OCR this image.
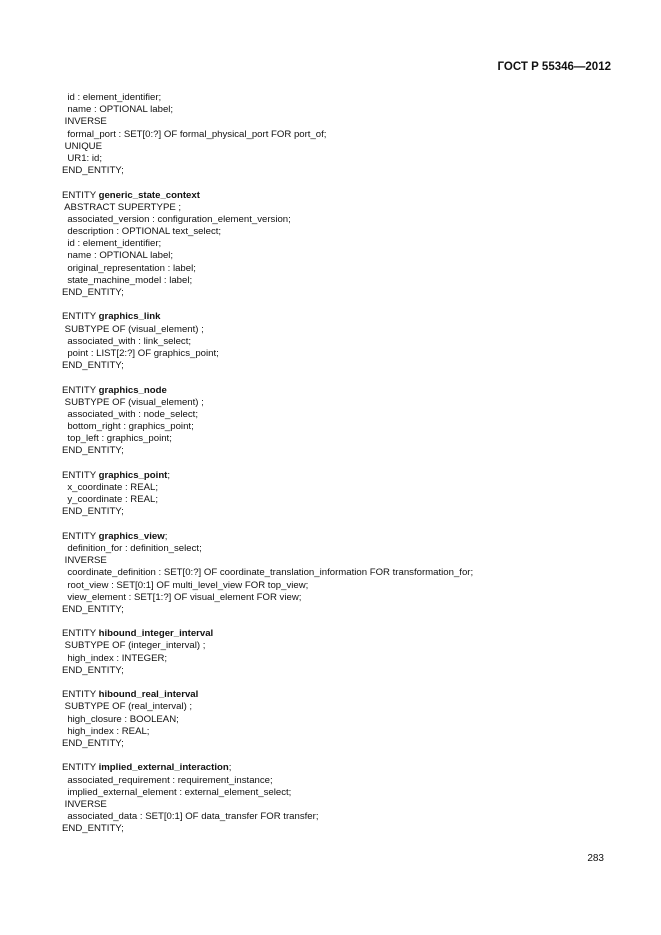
ГОСТ Р 55346—2012
id : element_identifier;
name : OPTIONAL label;
INVERSE
formal_port : SET[0:?] OF formal_physical_port FOR port_of;
UNIQUE
UR1: id;
END_ENTITY;
ENTITY generic_state_context
ABSTRACT SUPERTYPE ;
associated_version : configuration_element_version;
description : OPTIONAL text_select;
id : element_identifier;
name : OPTIONAL label;
original_representation : label;
state_machine_model : label;
END_ENTITY;
ENTITY graphics_link
SUBTYPE OF (visual_element) ;
associated_with : link_select;
point : LIST[2:?] OF graphics_point;
END_ENTITY;
ENTITY graphics_node
SUBTYPE OF (visual_element) ;
associated_with : node_select;
bottom_right : graphics_point;
top_left : graphics_point;
END_ENTITY;
ENTITY graphics_point;
x_coordinate : REAL;
y_coordinate : REAL;
END_ENTITY;
ENTITY graphics_view;
definition_for : definition_select;
INVERSE
coordinate_definition : SET[0:?] OF coordinate_translation_information FOR transformation_for;
root_view : SET[0:1] OF multi_level_view FOR top_view;
view_element : SET[1:?] OF visual_element FOR view;
END_ENTITY;
ENTITY hibound_integer_interval
SUBTYPE OF (integer_interval) ;
high_index : INTEGER;
END_ENTITY;
ENTITY hibound_real_interval
SUBTYPE OF (real_interval) ;
high_closure : BOOLEAN;
high_index : REAL;
END_ENTITY;
ENTITY implied_external_interaction;
associated_requirement : requirement_instance;
implied_external_element : external_element_select;
INVERSE
associated_data : SET[0:1] OF data_transfer FOR transfer;
END_ENTITY;
283
